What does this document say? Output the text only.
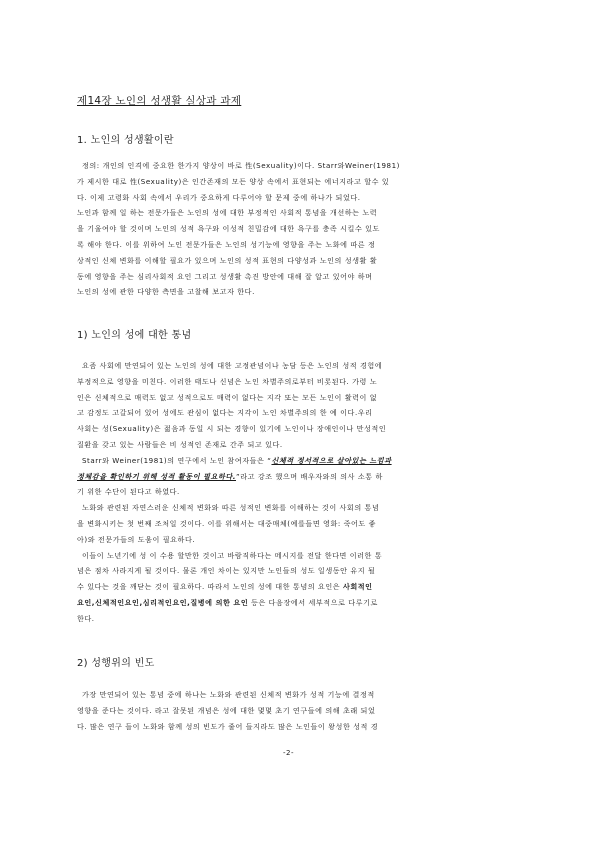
제14장 노인의 성생활 실상과 과제
1. 노인의 성생활이란

정의: 개인의 인격에 중요한 한가지 양상이 바로 性(Sexuality)이다. Starr와Weiner(1981)
가 제시한 대로 性(Sexuality)은 인간존재의 모든 양상 속에서 표현되는 에너지라고 할수 있
다. 이제 고령화 사회 속에서 우리가 중요하게 다루어야 할 문제 중에 하나가 되었다.
노인과 함께 일 하는 전문가들은 노인의 성에 대한 부정적인 사회적 통념을 개선하는 노력
을 기울여야 할 것이며 노인의 성적 욕구와 이성적 친밀감에 대한 욕구를 충족 시킬수 있도
록 해야 한다. 이를 위하여 노인 전문가들은 노인의 성기능에 영향을 주는 노화에 따른 정
상적인 신체 변화를 이해할 필요가 있으며 노인의 성적 표현의 다양성과 노인의 성생활 활
동에 영향을 주는 심리사회적 요인 그리고 성생활 촉진 방안에 대해 잘 알고 있어야 하며
노인의 성에 관한 다양한 측면을 고찰해 보고자 한다.

1) 노인의 성에 대한 통념

요즘 사회에 만연되어 있는 노인의 성에 대한 고정관념이나 농담 등은 노인의 성적 경험에
부정적으로 영향을 미친다. 이러한 태도나 신념은 노인 차별주의로부터 비롯된다. 가령 노
인은 신체적으로 매력도 없고 성적으로도 매력이 없다는 지각 또는 모든 노인이 활력이 없
고 감정도 고갈되어 있어 성에도 관심이 없다는 지각이 노인 차별주의의 한 예 이다.우리
사회는 성(Sexuality)은 젊음과 동일 시 되는 경향이 있기에 노인이나 장애인이나 만성적인
질환을 갖고 있는 사람들은 비 성적인 존재로 간주 되고 있다.
Starr와 Weiner(1981)의 연구에서 노인 참여자들은 “신체적 정서적으로 살아있는 느낌과
정체감을 확인하기 위해 성적 활동이 필요하다.”라고 강조 했으며 배우자와의 의사 소통 하
기 위한 수단이 된다고 하였다.
노화와 관련된 자연스러운 신체적 변화와 따른 성적인 변화를 이해하는 것이 사회의 통념
을 변화시키는 첫 번째 조처일 것이다. 이를 위해서는 대중매체(예를들면 영화: 죽어도 좋
아)와 전문가들의 도움이 필요하다.
이들이 노년기에 성 이 수용 할만한 것이고 바람직하다는 메시지를 전달 한다면 이러한 통
념은 점차 사라지게 될 것이다. 물론 개인 차이는 있지만 노인들의 성도 일생동안 유지 될
수 있다는 것을 깨닫는 것이 필요하다. 따라서 노인의 성에 대한 통념의 요인은 사회적인
요인,신체적인요인,심리적인요인,질병에 의한 요인 등은 다음장에서 세부적으로 다루기로
한다.

2) 성행위의 빈도

가장 만연되어 있는 통념 중에 하나는 노화와 관련된 신체적 변화가 성적 기능에 결정적
영향을 준다는 것이다. 라고 잘못된 개념은 성에 대한 몇몇 초기 연구들에 의해 초래 되었
다. 많은 연구 들이 노화와 함께 성의 빈도가 줄어 들지라도 많은 노인들이 왕성한 성적 경

-2-
